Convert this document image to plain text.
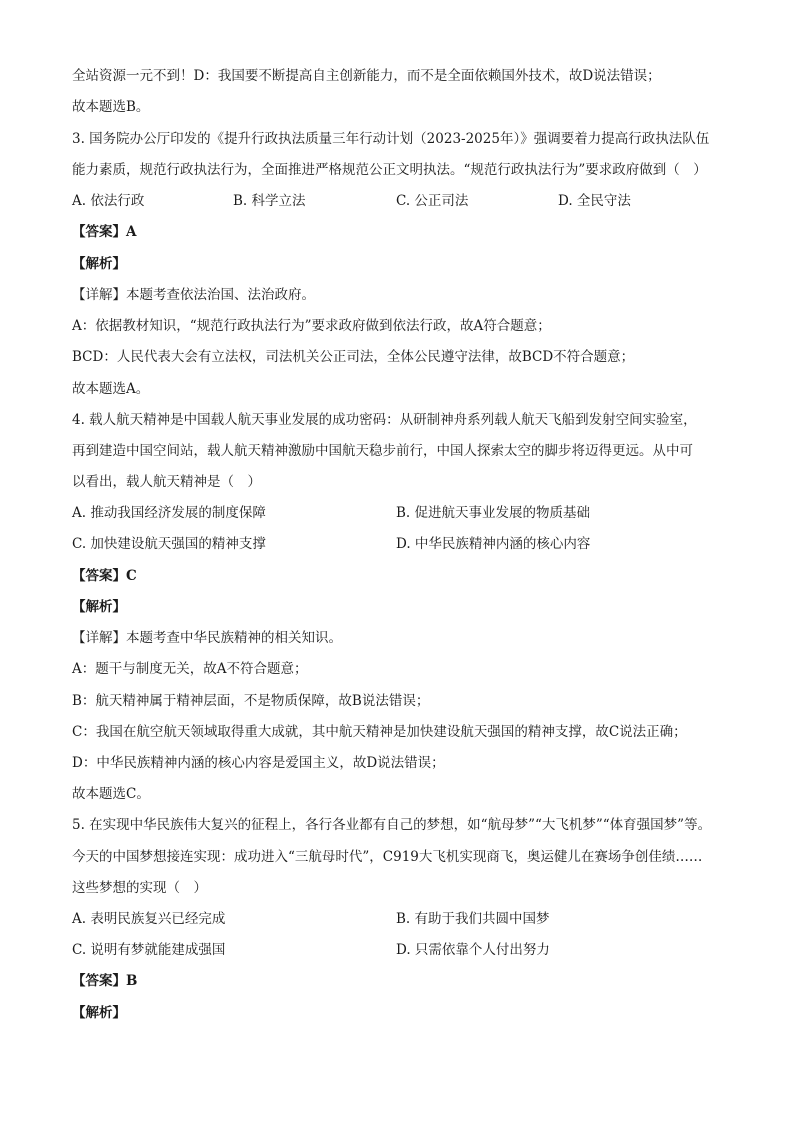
全站资源一元不到！D：我国要不断提高自主创新能力，而不是全面依赖国外技术，故D说法错误；
故本题选B。
3. 国务院办公厅印发的《提升行政执法质量三年行动计划（2023-2025年）》强调要着力提高行政执法队伍
能力素质，规范行政执法行为，全面推进严格规范公正文明执法。“规范行政执法行为”要求政府做到（　）
A. 依法行政	B. 科学立法	C. 公正司法	D. 全民守法
【答案】A
【解析】
【详解】本题考查依法治国、法治政府。
A：依据教材知识，“规范行政执法行为”要求政府做到依法行政，故A符合题意；
BCD：人民代表大会有立法权，司法机关公正司法，全体公民遵守法律，故BCD不符合题意；
故本题选A。
4. 载人航天精神是中国载人航天事业发展的成功密码：从研制神舟系列载人航天飞船到发射空间实验室，
再到建造中国空间站，载人航天精神激励中国航天稳步前行，中国人探索太空的脚步将迈得更远。从中可
以看出，载人航天精神是（　）
A. 推动我国经济发展的制度保障	B. 促进航天事业发展的物质基础
C. 加快建设航天强国的精神支撑	D. 中华民族精神内涵的核心内容
【答案】C
【解析】
【详解】本题考查中华民族精神的相关知识。
A：题干与制度无关，故A不符合题意；
B：航天精神属于精神层面，不是物质保障，故B说法错误；
C：我国在航空航天领域取得重大成就，其中航天精神是加快建设航天强国的精神支撑，故C说法正确；
D：中华民族精神内涵的核心内容是爱国主义，故D说法错误；
故本题选C。
5. 在实现中华民族伟大复兴的征程上，各行各业都有自己的梦想，如“航母梦”“大飞机梦”“体育强国梦”等。
今天的中国梦想接连实现：成功进入“三航母时代”，C919大飞机实现商飞，奥运健儿在赛场争创佳绩……
这些梦想的实现（　）
A. 表明民族复兴已经完成	B. 有助于我们共圆中国梦
C. 说明有梦就能建成强国	D. 只需依靠个人付出努力
【答案】B
【解析】
